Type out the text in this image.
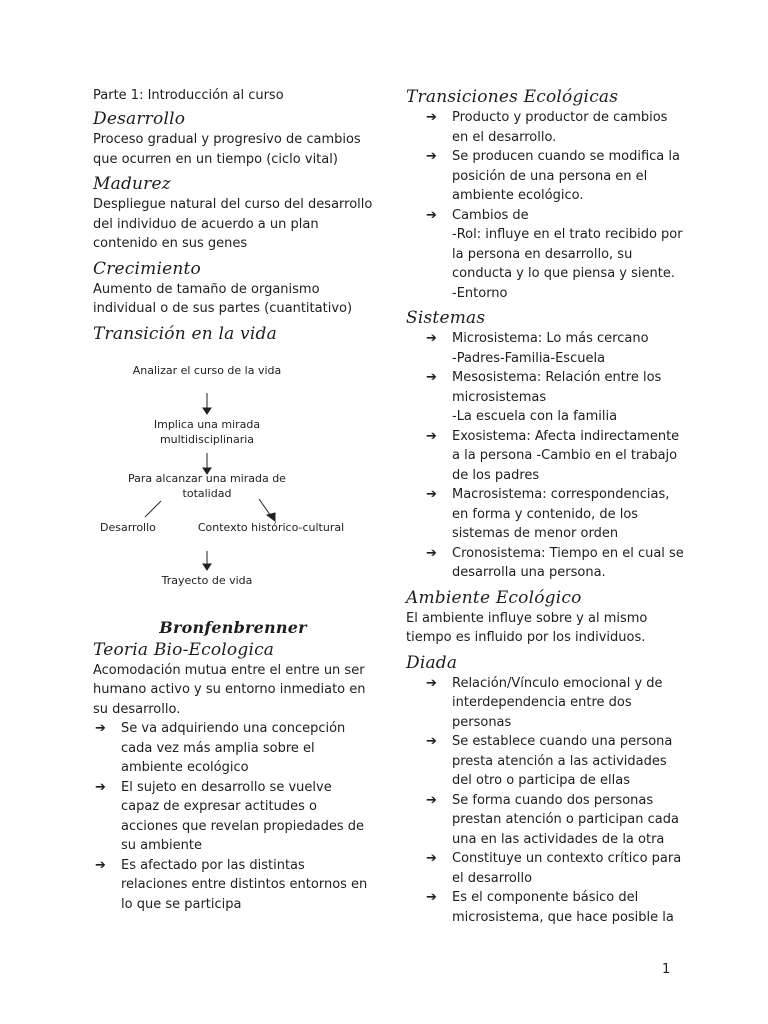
Parte 1: Introducción al curso
Desarrollo

Proceso gradual y progresivo de cambios que ocurren en un tiempo (ciclo vital)

Madurez

Despliegue natural del curso del desarrollo del individuo de acuerdo a un plan contenido en sus genes

Crecimiento

Aumento de tamaño de organismo individual o de sus partes (cuantitativo)

Transición en la vida
Analizar el curso de la vida
Implica una mirada multidisciplinaria
Para alcanzar una mirada de totalidad
Desarrollo	Contexto histórico-cultural
Trayecto de vida
Bronfenbrenner
Teoria Bio-Ecologica

Acomodación mutua entre el entre un ser humano activo y su entorno inmediato en su desarrollo.

➔ Se va adquiriendo una concepción cada vez más amplia sobre el ambiente ecológico
➔ El sujeto en desarrollo se vuelve capaz de expresar actitudes o acciones que revelan propiedades de su ambiente
➔ Es afectado por las distintas relaciones entre distintos entornos en lo que se participa
Transiciones Ecológicas
➔ Producto y productor de cambios en el desarrollo.
➔ Se producen cuando se modifica la posición de una persona en el ambiente ecológico.
➔ Cambios de
-Rol: influye en el trato recibido por la persona en desarrollo, su conducta y lo que piensa y siente.
-Entorno
Sistemas
➔ Microsistema: Lo más cercano
-Padres-Familia-Escuela
➔ Mesosistema: Relación entre los microsistemas
-La escuela con la familia
➔ Exosistema: Afecta indirectamente a la persona -Cambio en el trabajo de los padres
➔ Macrosistema: correspondencias, en forma y contenido, de los sistemas de menor orden
➔ Cronosistema: Tiempo en el cual se desarrolla una persona.
Ambiente Ecológico

El ambiente influye sobre y al mismo tiempo es influido por los individuos.

Diada
➔ Relación/Vínculo emocional y de interdependencia entre dos personas
➔ Se establece cuando una persona presta atención a las actividades del otro o participa de ellas
➔ Se forma cuando dos personas prestan atención o participan cada una en las actividades de la otra
➔ Constituye un contexto crítico para el desarrollo
➔ Es el componente básico del microsistema, que hace posible la
1
